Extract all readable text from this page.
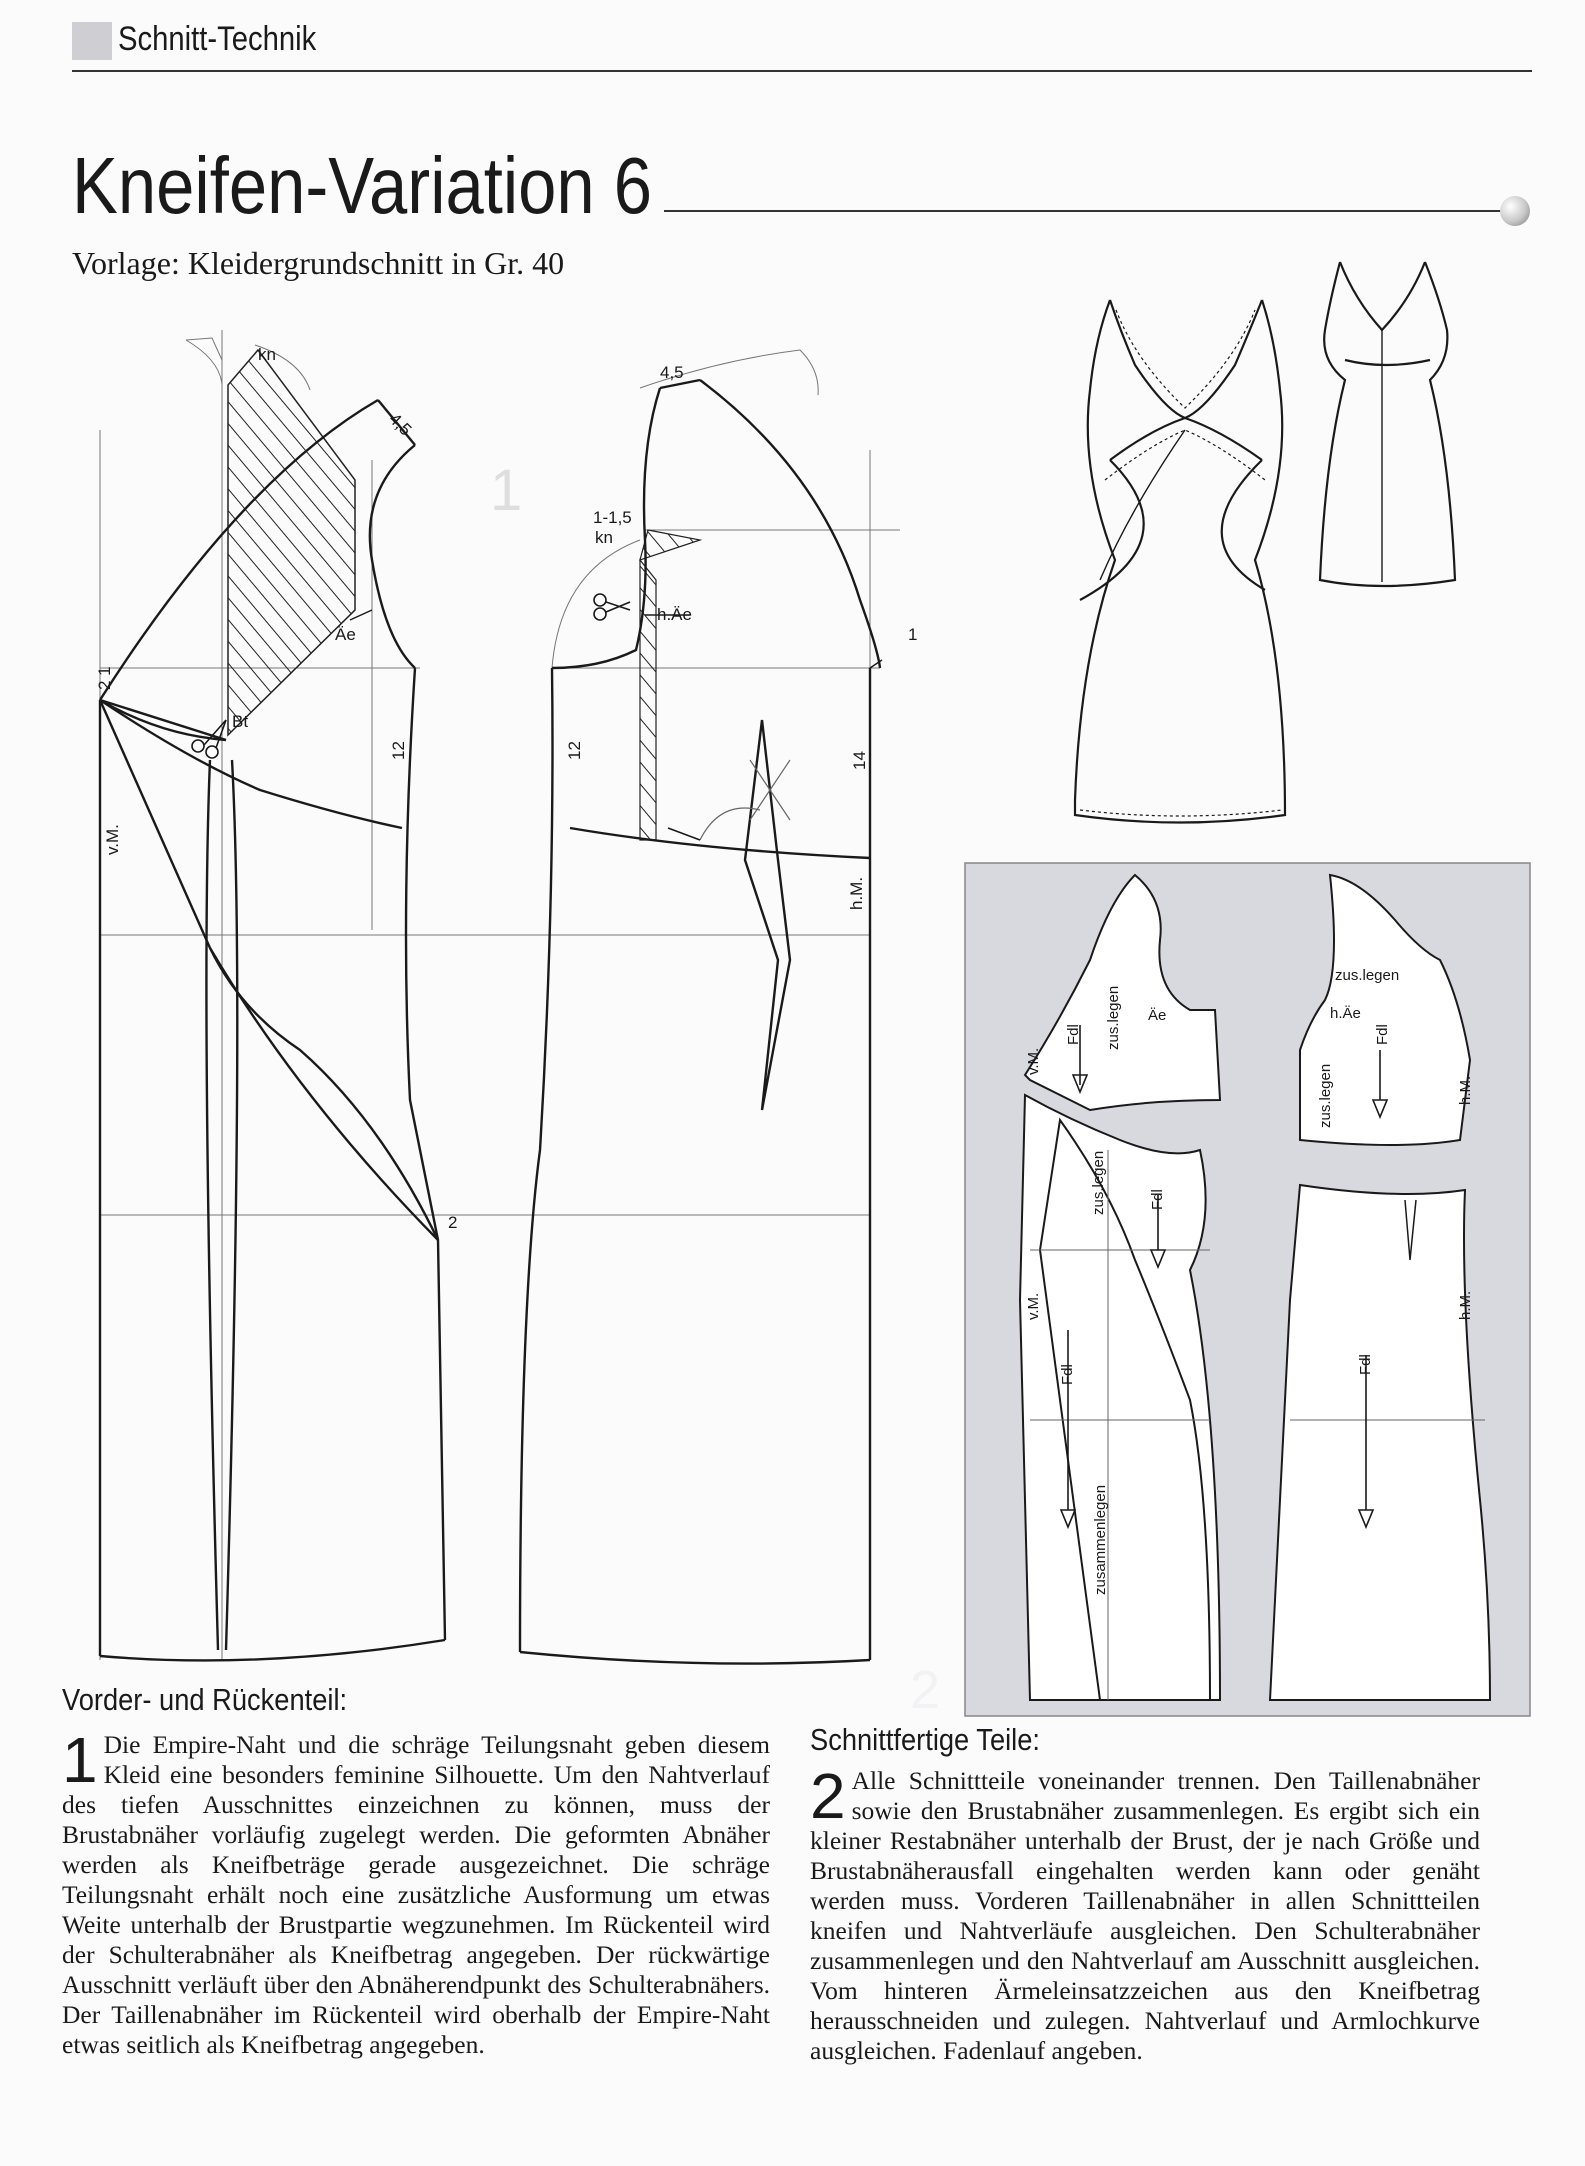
Schnitt-Technik
Kneifen-Variation 6
Vorlage: Kleidergrundschnitt in Gr. 40
kn
4,5
4,5
Äe
2 1
Bt
12
v.M.
2
1-1,5
kn
h.Äe
1
12
14
h.M.
1
Fdl zus.legen Äe
v.M.
zus.legen
h.Äe
Fdl
zus.legen	h.M.
zus.legen	Fdl
v.M.
Fdl
zusammenlegen
h.M.
Fdl
2
Vorder- und Rückenteil:
1 Die Empire-Naht und die schräge Teilungsnaht geben diesem Kleid eine besonders feminine Silhouette. Um den Nahtverlauf des tiefen Ausschnittes einzeichnen zu können, muss der Brustabnäher vorläufig zugelegt werden. Die geformten Abnäher werden als Kneifbeträge gerade ausgezeichnet. Die schräge Teilungsnaht erhält noch eine zusätzliche Ausformung um etwas Weite unterhalb der Brustpartie wegzunehmen. Im Rückenteil wird der Schulterabnäher als Kneifbetrag angegeben. Der rückwärtige Ausschnitt verläuft über den Abnäherendpunkt des Schulterabnähers. Der Taillenabnäher im Rückenteil wird oberhalb der Empire-Naht etwas seitlich als Kneifbetrag angegeben.
Schnittfertige Teile:
2 Alle Schnittteile voneinander trennen. Den Taillenabnäher sowie den Brustabnäher zusammenlegen. Es ergibt sich ein kleiner Restabnäher unterhalb der Brust, der je nach Größe und Brustabnäherausfall eingehalten werden kann oder genäht werden muss. Vorderen Taillenabnäher in allen Schnittteilen kneifen und Nahtverläufe ausgleichen. Den Schulterabnäher zusammenlegen und den Nahtverlauf am Ausschnitt ausgleichen. Vom hinteren Ärmeleinsatzzeichen aus den Kneifbetrag herausschneiden und zulegen. Nahtverlauf und Armlochkurve ausgleichen. Fadenlauf angeben.
